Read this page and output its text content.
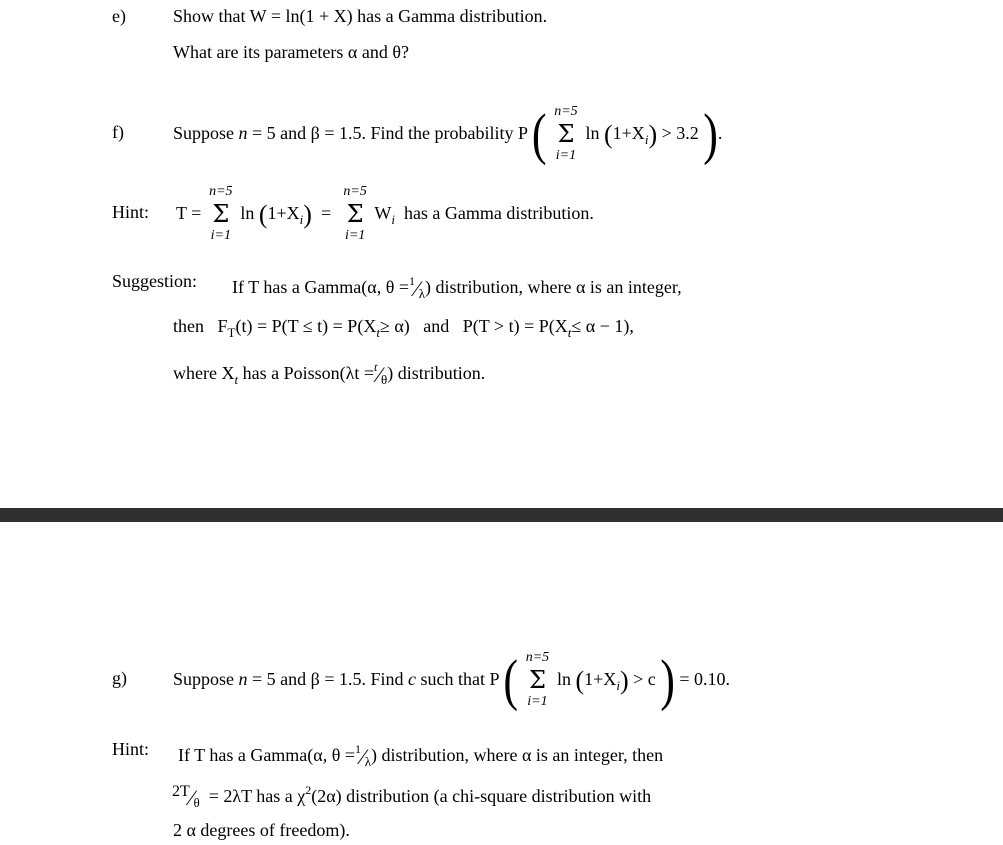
e)	Show that W = ln(1 + X) has a Gamma distribution.
What are its parameters α and θ?
f)	Suppose n = 5 and β = 1.5. Find the probability P ( n=5
Σ
i=1
$\ln (1+X_i) > 3.2$ ).
Hint: T =
n=5
Σ
i=1
$\ln (1+X_i)$ =
n=5
Σ
i=1
$W_i$ has a Gamma distribution.
Suggestion: If T has a Gamma(α, $\theta =^1⁄_\lambda$) distribution, where α is an integer,
then $F_T(t) = P(T \le t) = P(X_t\ge \alpha)$   and   $P(T > t) = P(X_t\le \alpha - 1)$,
where $X_t$ has a Poisson(λt $=^t⁄_\theta$) distribution.
g)	Suppose n = 5 and β = 1.5. Find c such that P ( n=5
Σ
i=1
$\ln (1+X_i) > c$ ) = 0.10.
Hint: If T has a Gamma(α, $\theta =^1⁄_\lambda$) distribution, where α is an integer, then
$2T⁄_\theta = 2\lambda T$ has a $\chi^2(2\alpha)$ distribution (a chi-square distribution with
2 α degrees of freedom).
